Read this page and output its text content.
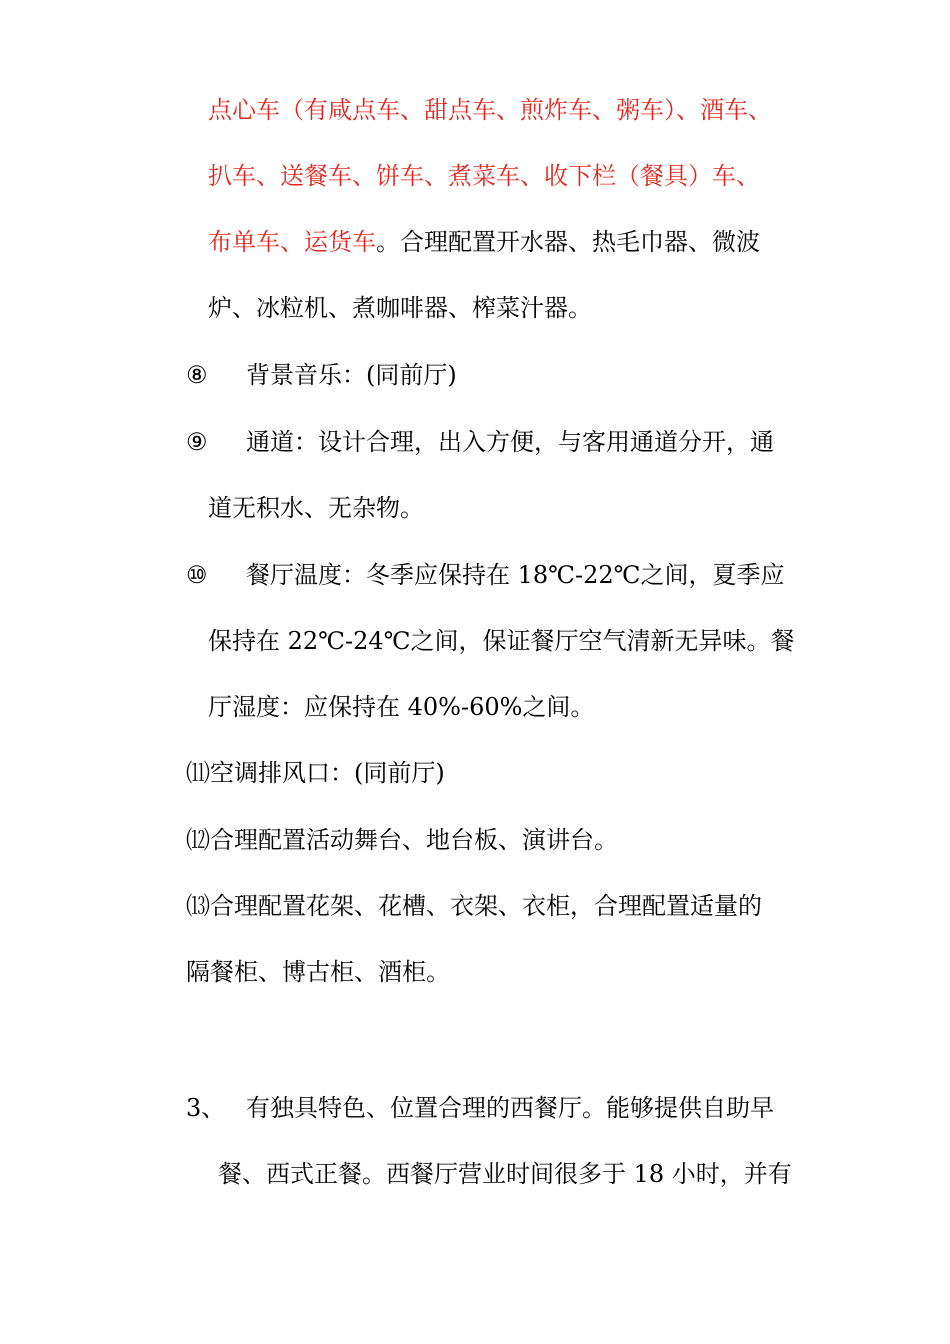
点心车（有咸点车、甜点车、煎炸车、粥车）、酒车、
扒车、送餐车、饼车、煮菜车、收下栏（餐具）车、
布单车、运货车。合理配置开水器、热毛巾器、微波
炉、冰粒机、煮咖啡器、榨菜汁器。
⑧ 背景音乐：(同前厅)
⑨ 通道：设计合理，出入方便，与客用通道分开，通
道无积水、无杂物。
⑩ 餐厅温度：冬季应保持在 18℃-22℃之间，夏季应
保持在 22℃-24℃之间，保证餐厅空气清新无异味。餐
厅湿度：应保持在 40%-60%之间。
⑾空调排风口：(同前厅)
⑿合理配置活动舞台、地台板、演讲台。
⒀合理配置花架、花槽、衣架、衣柜，合理配置适量的
隔餐柜、博古柜、酒柜。
3、 有独具特色、位置合理的西餐厅。能够提供自助早
餐、西式正餐。西餐厅营业时间很多于 18 小时，并有
